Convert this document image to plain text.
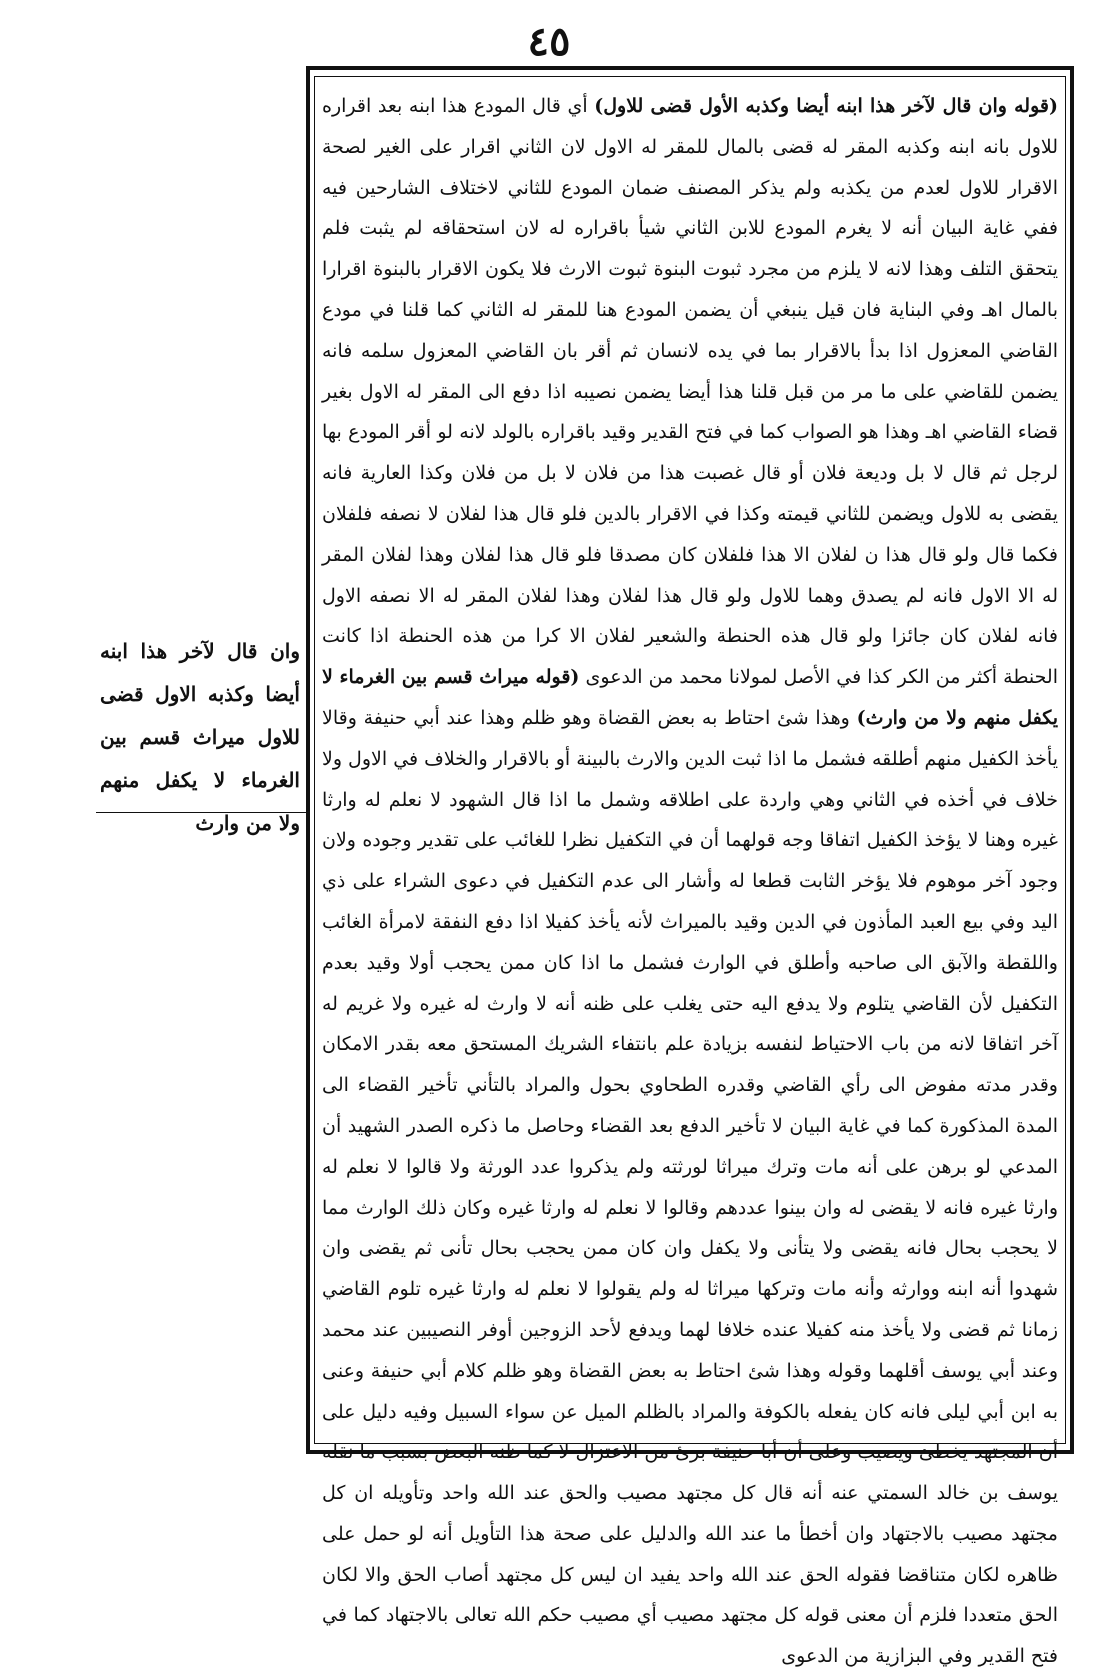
٤٥

(قوله وان قال لآخر هذا ابنه أيضا وكذبه الأول قضى للاول) أي قال المودع هذا ابنه بعد اقراره للاول بانه ابنه وكذبه المقر له قضى بالمال للمقر له الاول لان الثاني اقرار على الغير لصحة الاقرار للاول لعدم من يكذبه ولم يذكر المصنف ضمان المودع للثاني لاختلاف الشارحين فيه ففي غاية البيان أنه لا يغرم المودع للابن الثاني شيأ باقراره له لان استحقاقه لم يثبت فلم يتحقق التلف وهذا لانه لا يلزم من مجرد ثبوت البنوة ثبوت الارث فلا يكون الاقرار بالبنوة اقرارا بالمال اهـ وفي البناية فان قيل ينبغي أن يضمن المودع هنا للمقر له الثاني كما قلنا في مودع القاضي المعزول اذا بدأ بالاقرار بما في يده لانسان ثم أقر بان القاضي المعزول سلمه فانه يضمن للقاضي على ما مر من قبل قلنا هذا أيضا يضمن نصيبه اذا دفع الى المقر له الاول بغير قضاء القاضي اهـ وهذا هو الصواب كما في فتح القدير وقيد باقراره بالولد لانه لو أقر المودع بها لرجل ثم قال لا بل وديعة فلان أو قال غصبت هذا من فلان لا بل من فلان وكذا العارية فانه يقضى به للاول ويضمن للثاني قيمته وكذا في الاقرار بالدين فلو قال هذا لفلان لا نصفه فلفلان فكما قال ولو قال هذا ن لفلان الا هذا فلفلان كان مصدقا فلو قال هذا لفلان وهذا لفلان المقر له الا الاول فانه لم يصدق وهما للاول ولو قال هذا لفلان وهذا لفلان المقر له الا نصفه الاول فانه لفلان كان جائزا ولو قال هذه الحنطة والشعير لفلان الا كرا من هذه الحنطة اذا كانت الحنطة أكثر من الكر كذا في الأصل لمولانا محمد من الدعوى (قوله ميراث قسم بين الغرماء لا يكفل منهم ولا من وارث) وهذا شئ احتاط به بعض القضاة وهو ظلم وهذا عند أبي حنيفة وقالا يأخذ الكفيل منهم أطلقه فشمل ما اذا ثبت الدين والارث بالبينة أو بالاقرار والخلاف في الاول ولا خلاف في أخذه في الثاني وهي واردة على اطلاقه وشمل ما اذا قال الشهود لا نعلم له وارثا غيره وهنا لا يؤخذ الكفيل اتفاقا وجه قولهما أن في التكفيل نظرا للغائب على تقدير وجوده ولان وجود آخر موهوم فلا يؤخر الثابت قطعا له وأشار الى عدم التكفيل في دعوى الشراء على ذي اليد وفي بيع العبد المأذون في الدين وقيد بالميراث لأنه يأخذ كفيلا اذا دفع النفقة لامرأة الغائب واللقطة والآبق الى صاحبه وأطلق في الوارث فشمل ما اذا كان ممن يحجب أولا وقيد بعدم التكفيل لأن القاضي يتلوم ولا يدفع اليه حتى يغلب على ظنه أنه لا وارث له غيره ولا غريم له آخر اتفاقا لانه من باب الاحتياط لنفسه بزيادة علم بانتفاء الشريك المستحق معه بقدر الامكان وقدر مدته مفوض الى رأي القاضي وقدره الطحاوي بحول والمراد بالتأني تأخير القضاء الى المدة المذكورة كما في غاية البيان لا تأخير الدفع بعد القضاء وحاصل ما ذكره الصدر الشهيد أن المدعي لو برهن على أنه مات وترك ميراثا لورثته ولم يذكروا عدد الورثة ولا قالوا لا نعلم له وارثا غيره فانه لا يقضى له وان بينوا عددهم وقالوا لا نعلم له وارثا غيره وكان ذلك الوارث مما لا يحجب بحال فانه يقضى ولا يتأنى ولا يكفل وان كان ممن يحجب بحال تأنى ثم يقضى وان شهدوا أنه ابنه ووارثه وأنه مات وتركها ميراثا له ولم يقولوا لا نعلم له وارثا غيره تلوم القاضي زمانا ثم قضى ولا يأخذ منه كفيلا عنده خلافا لهما ويدفع لأحد الزوجين أوفر النصيبين عند محمد وعند أبي يوسف أقلهما وقوله وهذا شئ احتاط به بعض القضاة وهو ظلم كلام أبي حنيفة وعنى به ابن أبي ليلى فانه كان يفعله بالكوفة والمراد بالظلم الميل عن سواء السبيل وفيه دليل على أن المجتهد يخطئ ويصيب وعلى أن أبا حنيفة برئ من الاعتزال لا كما ظنه البعض بسبب ما نقله يوسف بن خالد السمتي عنه أنه قال كل مجتهد مصيب والحق عند الله واحد وتأويله ان كل مجتهد مصيب بالاجتهاد وان أخطأ ما عند الله والدليل على صحة هذا التأويل أنه لو حمل على ظاهره لكان متناقضا فقوله الحق عند الله واحد يفيد ان ليس كل مجتهد أصاب الحق والا لكان الحق متعددا فلزم أن معنى قوله كل مجتهد مصيب أي مصيب حكم الله تعالى بالاجتهاد كما في فتح القدير وفي البزازية من الدعوى

وان قال لآخر هذا ابنه أيضا وكذبه الاول قضى للاول ميراث قسم بين الغرماء لا يكفل منهم ولا من وارث
